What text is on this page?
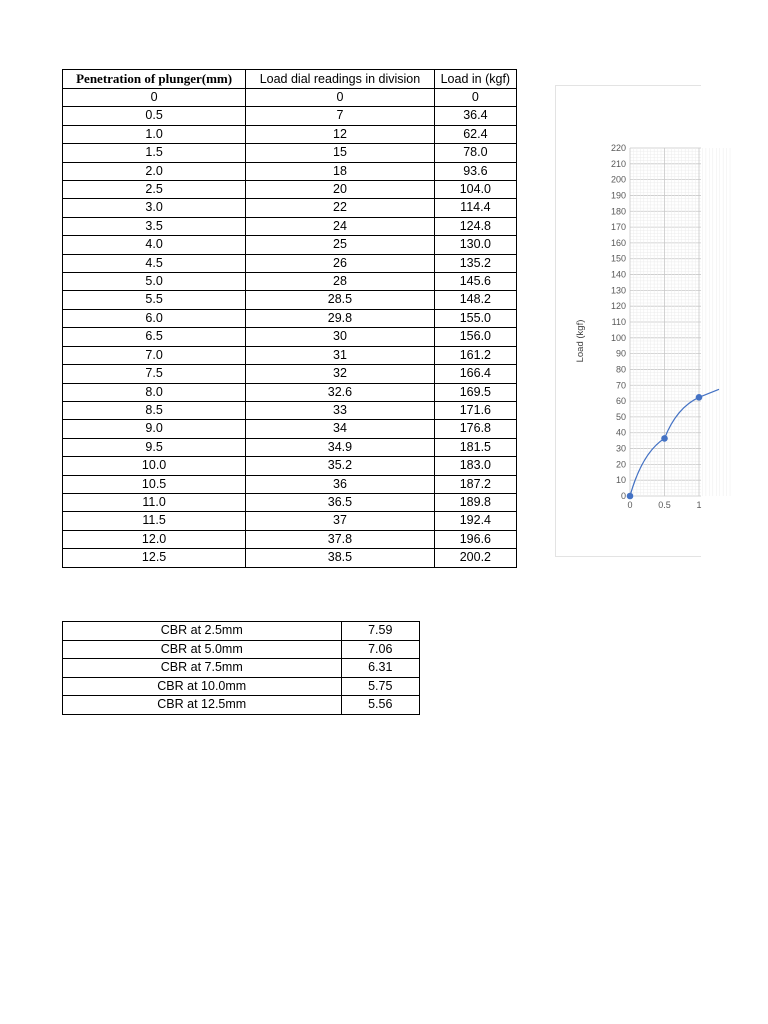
Penetration of plunger(mm)	Load dial readings in division	Load in (kgf)
0	0	0
0.5	7	36.4
1.0	12	62.4
1.5	15	78.0
2.0	18	93.6
2.5	20	104.0
3.0	22	114.4
3.5	24	124.8
4.0	25	130.0
4.5	26	135.2
5.0	28	145.6
5.5	28.5	148.2
6.0	29.8	155.0
6.5	30	156.0
7.0	31	161.2
7.5	32	166.4
8.0	32.6	169.5
8.5	33	171.6
9.0	34	176.8
9.5	34.9	181.5
10.0	35.2	183.0
10.5	36	187.2
11.0	36.5	189.8
11.5	37	192.4
12.0	37.8	196.6
12.5	38.5	200.2
CBR at 2.5mm	7.59
CBR at 5.0mm	7.06
CBR at 7.5mm	6.31
CBR at 10.0mm	5.75
CBR at 12.5mm	5.56
0
10
20
30
40
50
60
70
80
90
100
110
120
130
140
150
160
170
180
190
200
210
220
0	0.5	1
Load (kgf)
